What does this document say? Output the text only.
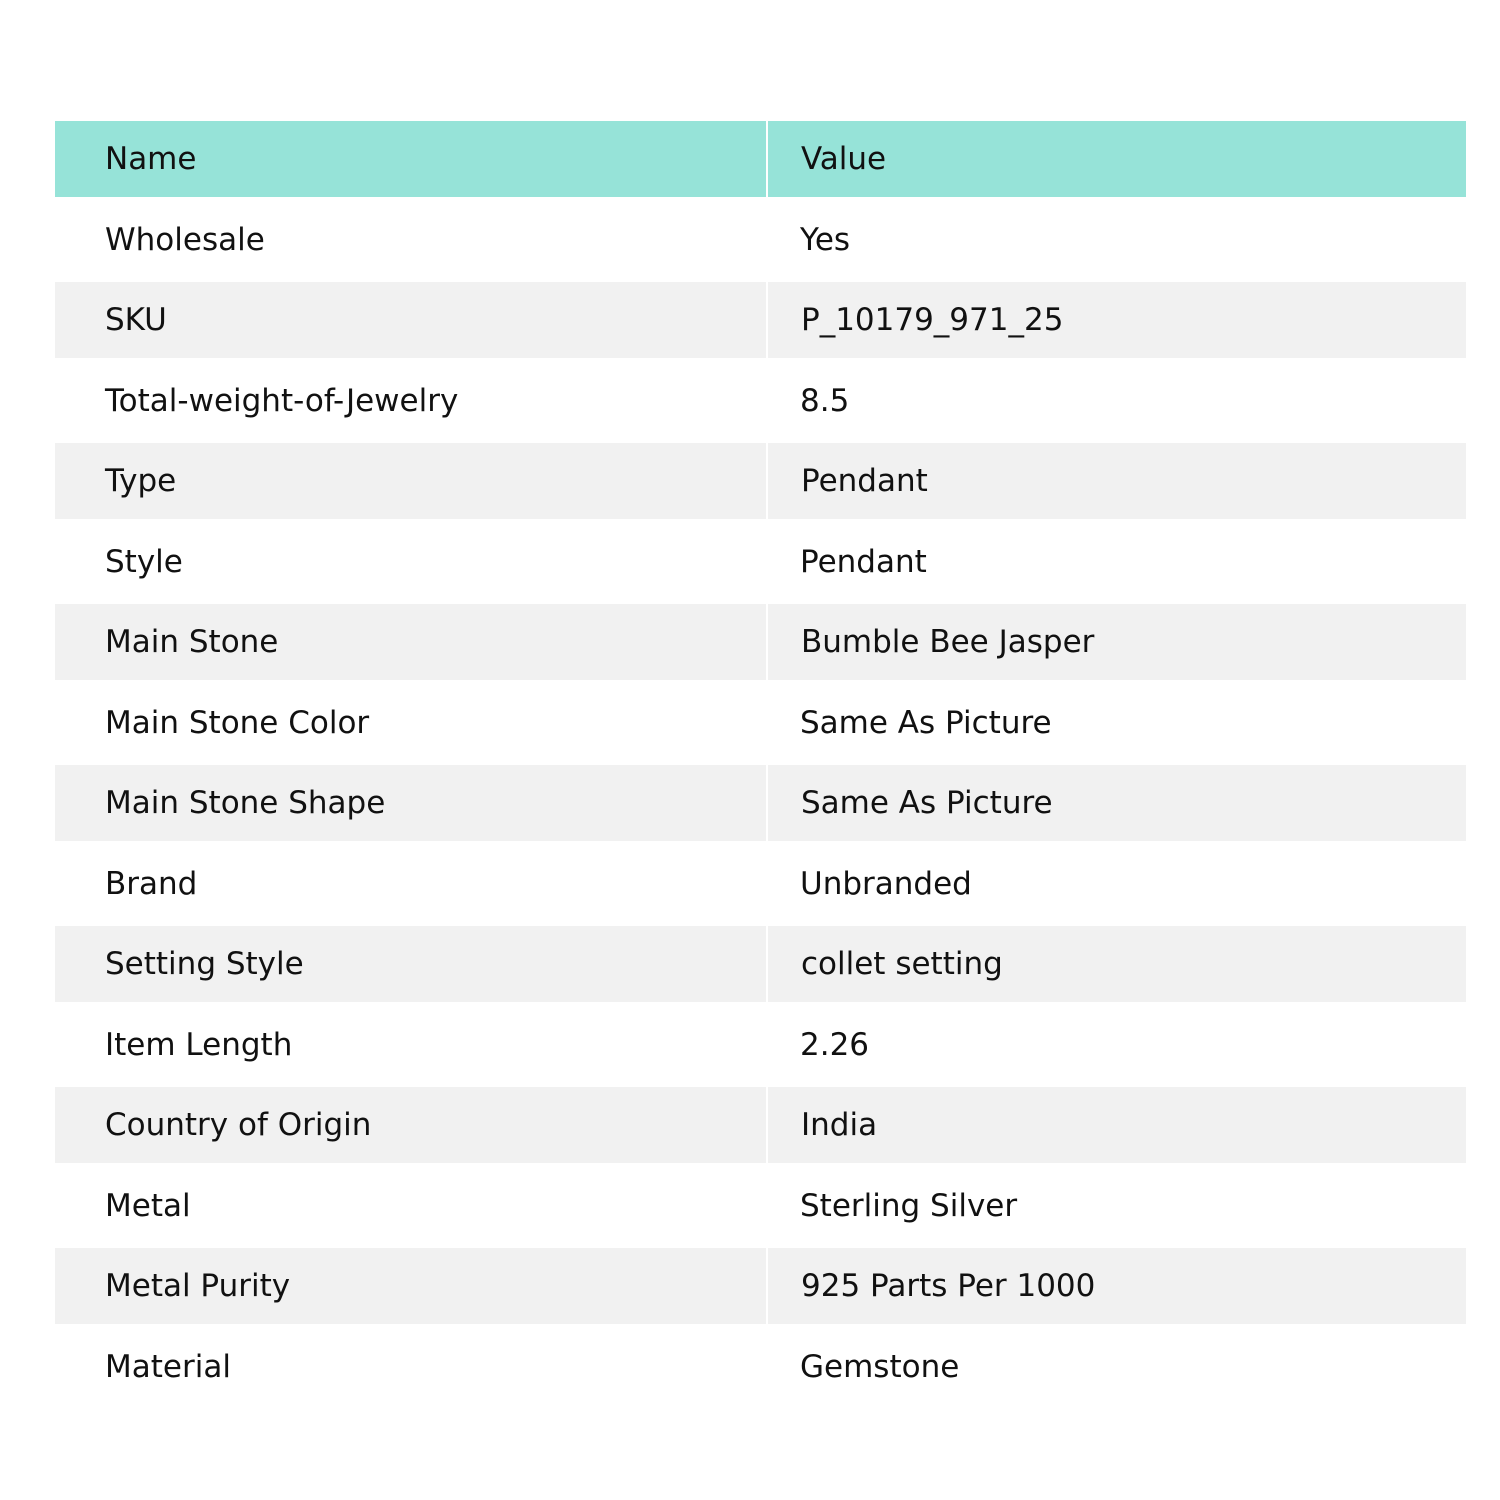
Name	Value
Wholesale	Yes
SKU	P_10179_971_25
Total-weight-of-Jewelry	8.5
Type	Pendant
Style	Pendant
Main Stone	Bumble Bee Jasper
Main Stone Color	Same As Picture
Main Stone Shape	Same As Picture
Brand	Unbranded
Setting Style	collet setting
Item Length	2.26
Country of Origin	India
Metal	Sterling Silver
Metal Purity	925 Parts Per 1000
Material	Gemstone
